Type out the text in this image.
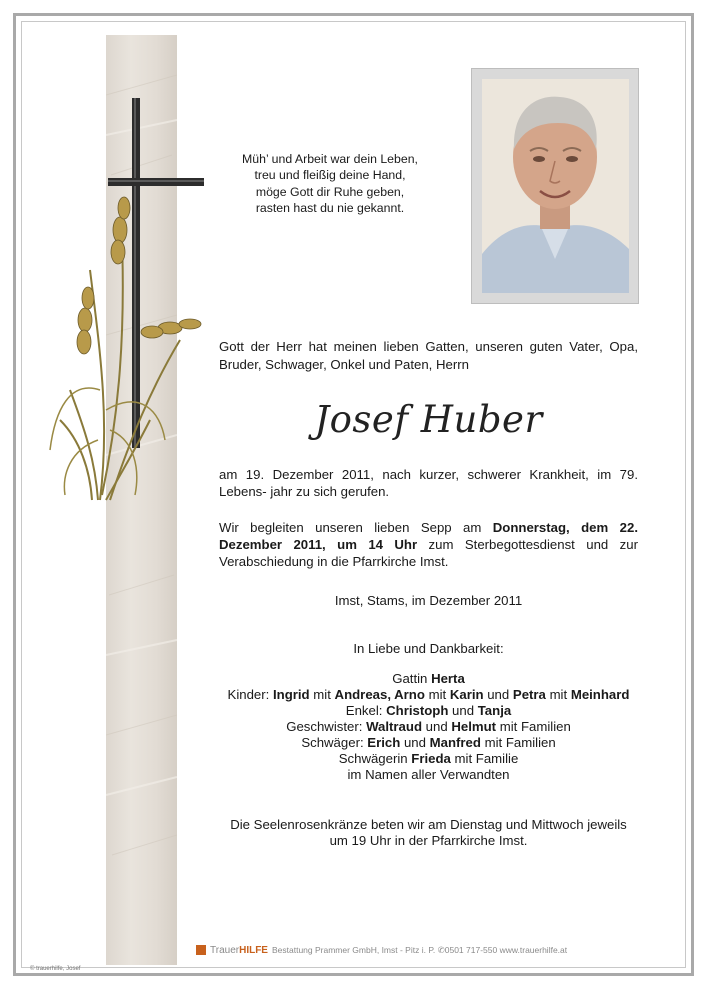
Müh’ und Arbeit war dein Leben,
treu und fleißig deine Hand,
möge Gott dir Ruhe geben,
rasten hast du nie gekannt.
Gott der Herr hat meinen lieben Gatten, unseren guten Vater, Opa, Bruder, Schwager, Onkel und Paten, Herrn
Josef Huber
am 19. Dezember 2011, nach kurzer, schwerer Krankheit, im 79. Lebens- jahr zu sich gerufen.
Wir begleiten unseren lieben Sepp am Donnerstag, dem 22. Dezember 2011, um 14 Uhr zum Sterbegottesdienst und zur Verabschiedung in die Pfarrkirche Imst.
Imst, Stams, im Dezember 2011
In Liebe und Dankbarkeit:
Gattin Herta
Kinder: Ingrid mit Andreas, Arno mit Karin und Petra mit Meinhard
Enkel: Christoph und Tanja
Geschwister: Waltraud und Helmut mit Familien
Schwäger: Erich und Manfred mit Familien
Schwägerin Frieda mit Familie
im Namen aller Verwandten
Die Seelenrosenkränze beten wir am Dienstag und Mittwoch jeweils
um 19 Uhr in der Pfarrkirche Imst.
TrauerHILFE Bestattung Prammer GmbH, Imst - Pitz i. P. ✆0501 717-550 www.trauerhilfe.at
© trauerhilfe, Josef
